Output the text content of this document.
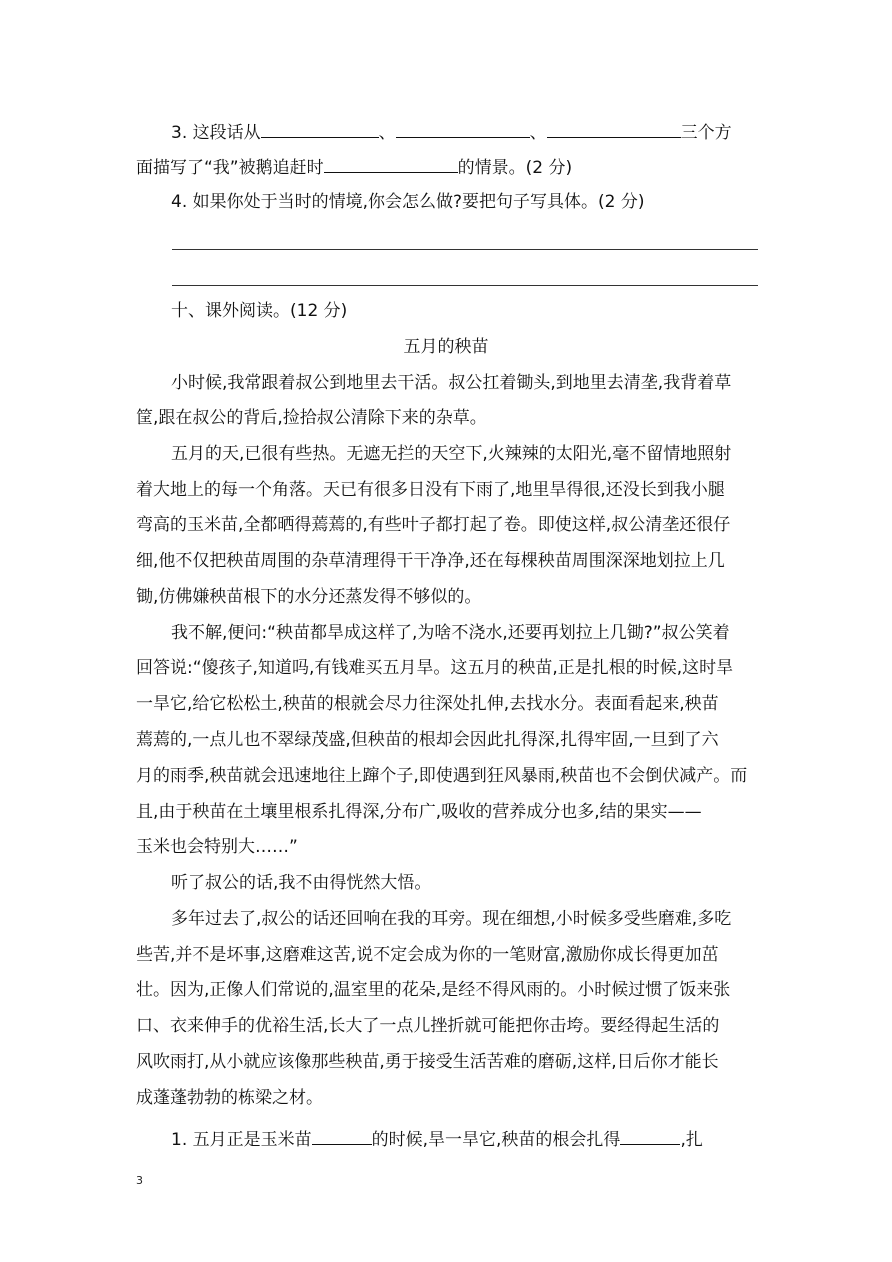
3. 这段话从	、	、	三个方
面描写了“我”被鹅追赶时	的情景。(2 分)
4. 如果你处于当时的情境,你会怎么做?要把句子写具体。(2 分)
十、课外阅读。(12 分)
五月的秧苗
小时候,我常跟着叔公到地里去干活。叔公扛着锄头,到地里去清垄,我背着草
筐,跟在叔公的背后,捡拾叔公清除下来的杂草。
五月的天,已很有些热。无遮无拦的天空下,火辣辣的太阳光,毫不留情地照射
着大地上的每一个角落。天已有很多日没有下雨了,地里旱得很,还没长到我小腿
弯高的玉米苗,全都晒得蔫蔫的,有些叶子都打起了卷。即使这样,叔公清垄还很仔
细,他不仅把秧苗周围的杂草清理得干干净净,还在每棵秧苗周围深深地划拉上几
锄,仿佛嫌秧苗根下的水分还蒸发得不够似的。
我不解,便问:“秧苗都旱成这样了,为啥不浇水,还要再划拉上几锄?”叔公笑着
回答说:“傻孩子,知道吗,有钱难买五月旱。这五月的秧苗,正是扎根的时候,这时旱
一旱它,给它松松土,秧苗的根就会尽力往深处扎伸,去找水分。表面看起来,秧苗
蔫蔫的,一点儿也不翠绿茂盛,但秧苗的根却会因此扎得深,扎得牢固,一旦到了六
月的雨季,秧苗就会迅速地往上蹿个子,即使遇到狂风暴雨,秧苗也不会倒伏减产。而
且,由于秧苗在土壤里根系扎得深,分布广,吸收的营养成分也多,结的果实——
玉米也会特别大……”
听了叔公的话,我不由得恍然大悟。
多年过去了,叔公的话还回响在我的耳旁。现在细想,小时候多受些磨难,多吃
些苦,并不是坏事,这磨难这苦,说不定会成为你的一笔财富,激励你成长得更加茁
壮。因为,正像人们常说的,温室里的花朵,是经不得风雨的。小时候过惯了饭来张
口、衣来伸手的优裕生活,长大了一点儿挫折就可能把你击垮。要经得起生活的
风吹雨打,从小就应该像那些秧苗,勇于接受生活苦难的磨砺,这样,日后你才能长
成蓬蓬勃勃的栋梁之材。
1. 五月正是玉米苗	的时候,旱一旱它,秧苗的根会扎得	,扎
3
